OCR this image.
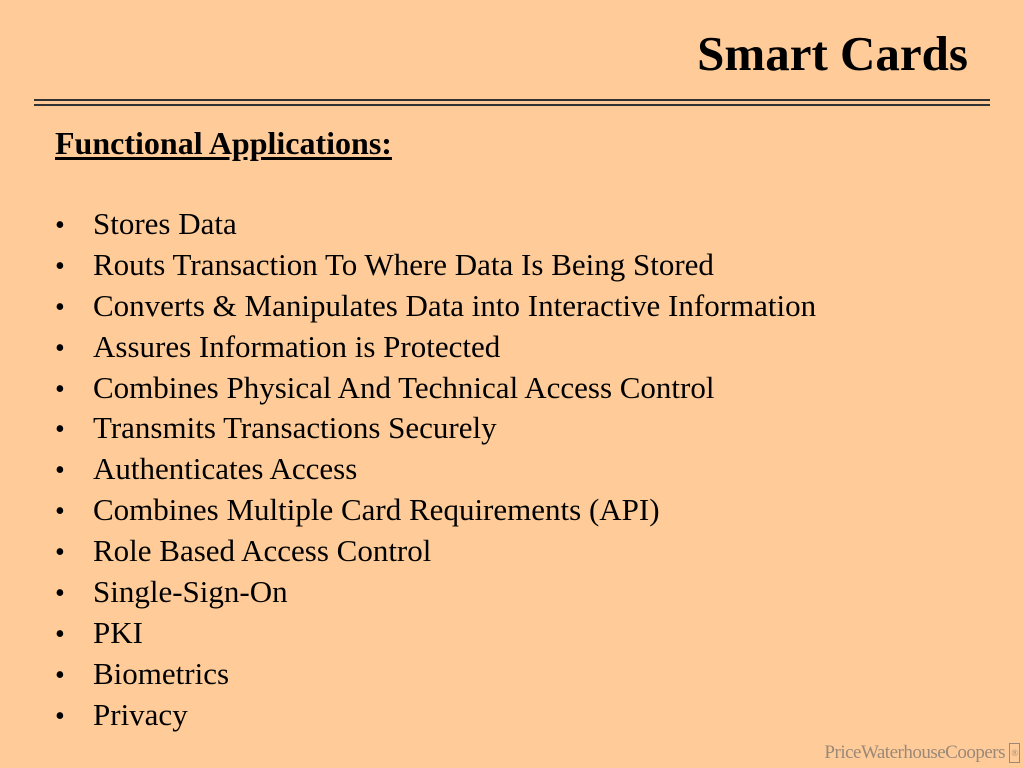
Smart Cards
Functional Applications:
• Stores Data
• Routs Transaction To Where Data Is Being Stored
• Converts & Manipulates Data into Interactive Information
• Assures Information is Protected
• Combines Physical And Technical Access Control
• Transmits Transactions Securely
• Authenticates Access
• Combines Multiple Card Requirements (API)
• Role Based Access Control
• Single-Sign-On
• PKI
• Biometrics
• Privacy
PriceWaterhouseCoopers ®
